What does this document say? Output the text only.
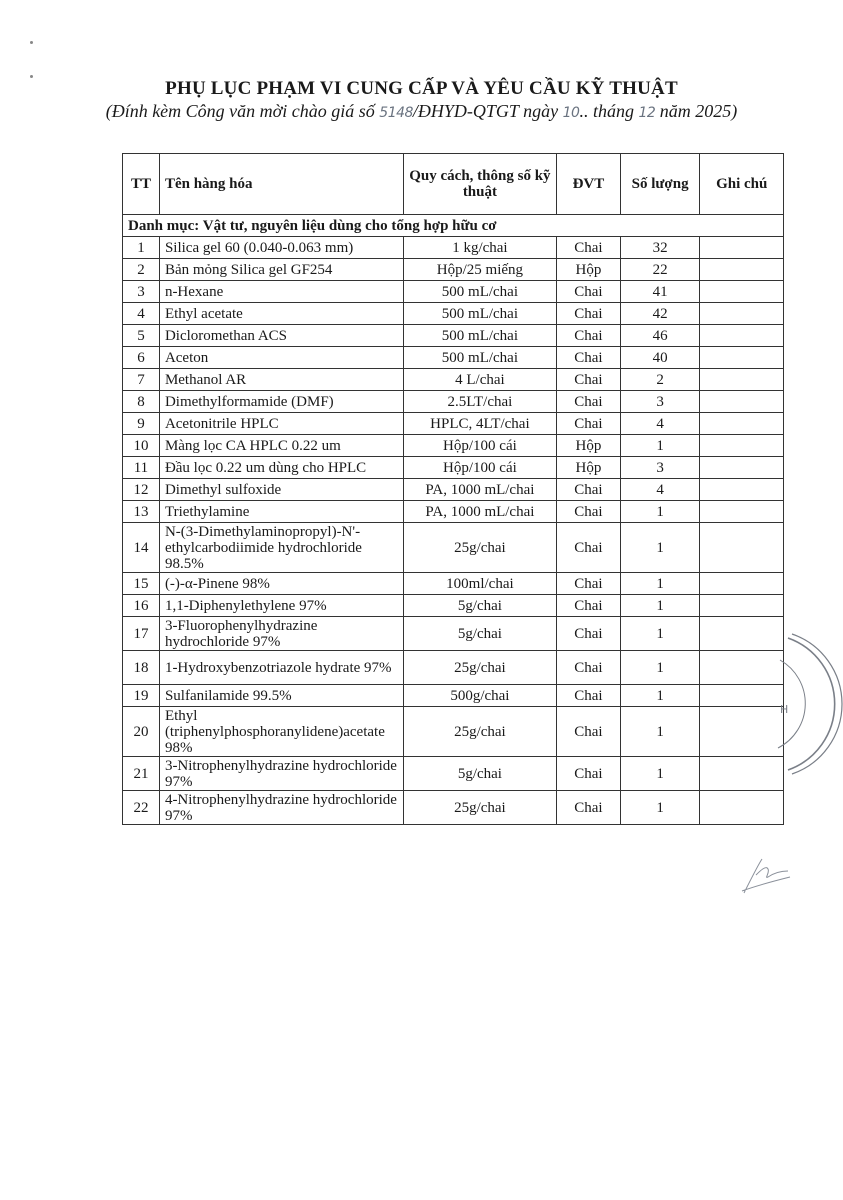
PHỤ LỤC PHẠM VI CUNG CẤP VÀ YÊU CẦU KỸ THUẬT
(Đính kèm Công văn mời chào giá số 5148/ĐHYD-QTGT ngày 10.. tháng 12 năm 2025)
TT	Tên hàng hóa	Quy cách, thông số kỹ thuật	ĐVT	Số lượng	Ghi chú
Danh mục: Vật tư, nguyên liệu dùng cho tổng hợp hữu cơ					
1	Silica gel 60 (0.040-0.063 mm)	1 kg/chai	Chai	32	
2	Bản mỏng Silica gel GF254	Hộp/25 miếng	Hộp	22	
3	n-Hexane	500 mL/chai	Chai	41	
4	Ethyl acetate	500 mL/chai	Chai	42	
5	Dicloromethan ACS	500 mL/chai	Chai	46	
6	Aceton	500 mL/chai	Chai	40	
7	Methanol AR	4 L/chai	Chai	2	
8	Dimethylformamide (DMF)	2.5LT/chai	Chai	3	
9	Acetonitrile HPLC	HPLC, 4LT/chai	Chai	4	
10	Màng lọc CA HPLC 0.22 um	Hộp/100 cái	Hộp	1	
11	Đầu lọc 0.22 um dùng cho HPLC	Hộp/100 cái	Hộp	3	
12	Dimethyl sulfoxide	PA, 1000 mL/chai	Chai	4	
13	Triethylamine	PA, 1000 mL/chai	Chai	1	
14	N-(3-Dimethylaminopropyl)-N'-ethylcarbodiimide hydrochloride 98.5%	25g/chai	Chai	1	
15	(-)-α-Pinene 98%	100ml/chai	Chai	1	
16	1,1-Diphenylethylene 97%	5g/chai	Chai	1	
17	3-Fluorophenylhydrazine hydrochloride 97%	5g/chai	Chai	1	
18	1-Hydroxybenzotriazole hydrate 97%	25g/chai	Chai	1	
19	Sulfanilamide 99.5%	500g/chai	Chai	1	
20	Ethyl (triphenylphosphoranylidene)acetate 98%	25g/chai	Chai	1	
21	3-Nitrophenylhydrazine hydrochloride 97%	5g/chai	Chai	1	
22	4-Nitrophenylhydrazine hydrochloride 97%	25g/chai	Chai	1	
H
